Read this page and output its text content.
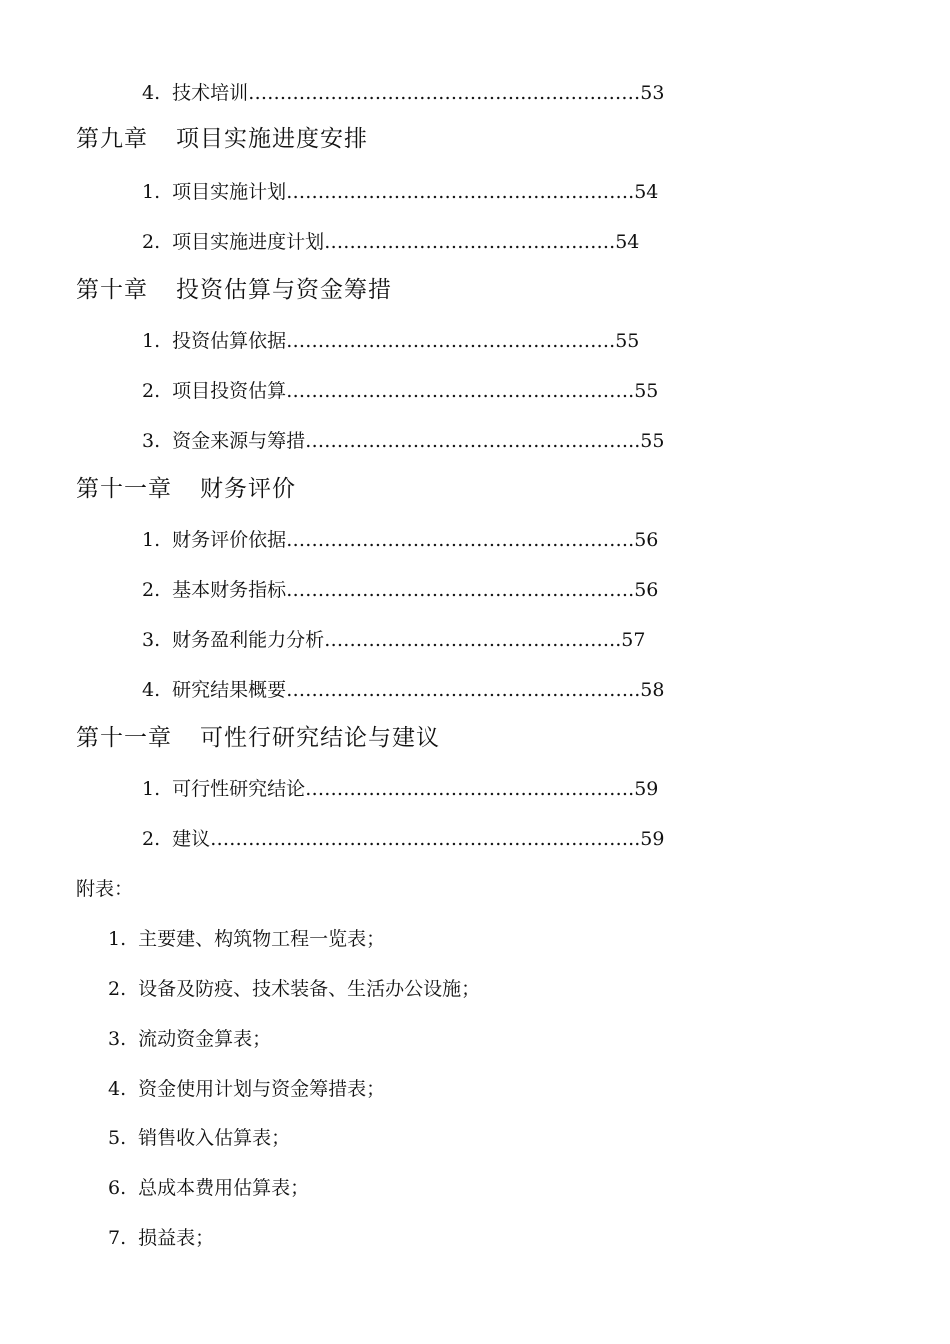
4. 技术培训……………………………………..………………53
第九章 项目实施进度安排
1. 项目实施计划……………………………………………….54
2. 项目实施进度计划……………………………………….54
第十章 投资估算与资金筹措
1. 投资估算依据…………………………………………….55
2. 项目投资估算……………………………………………….55
3. 资金来源与筹措……………………………………………..55
第十一章 财务评价
1. 财务评价依据……………………………………………….56
2. 基本财务指标……………………………………………….56
3. 财务盈利能力分析………………………………………..57
4. 研究结果概要………………………………………………..58
第十一章 可性行研究结论与建议
1. 可行性研究结论…………………………………………….59
2. 建议…………………………………………………………..59
附表：
1. 主要建、构筑物工程一览表；
2. 设备及防疫、技术装备、生活办公设施；
3. 流动资金算表；
4. 资金使用计划与资金筹措表；
5. 销售收入估算表；
6. 总成本费用估算表；
7. 损益表；
